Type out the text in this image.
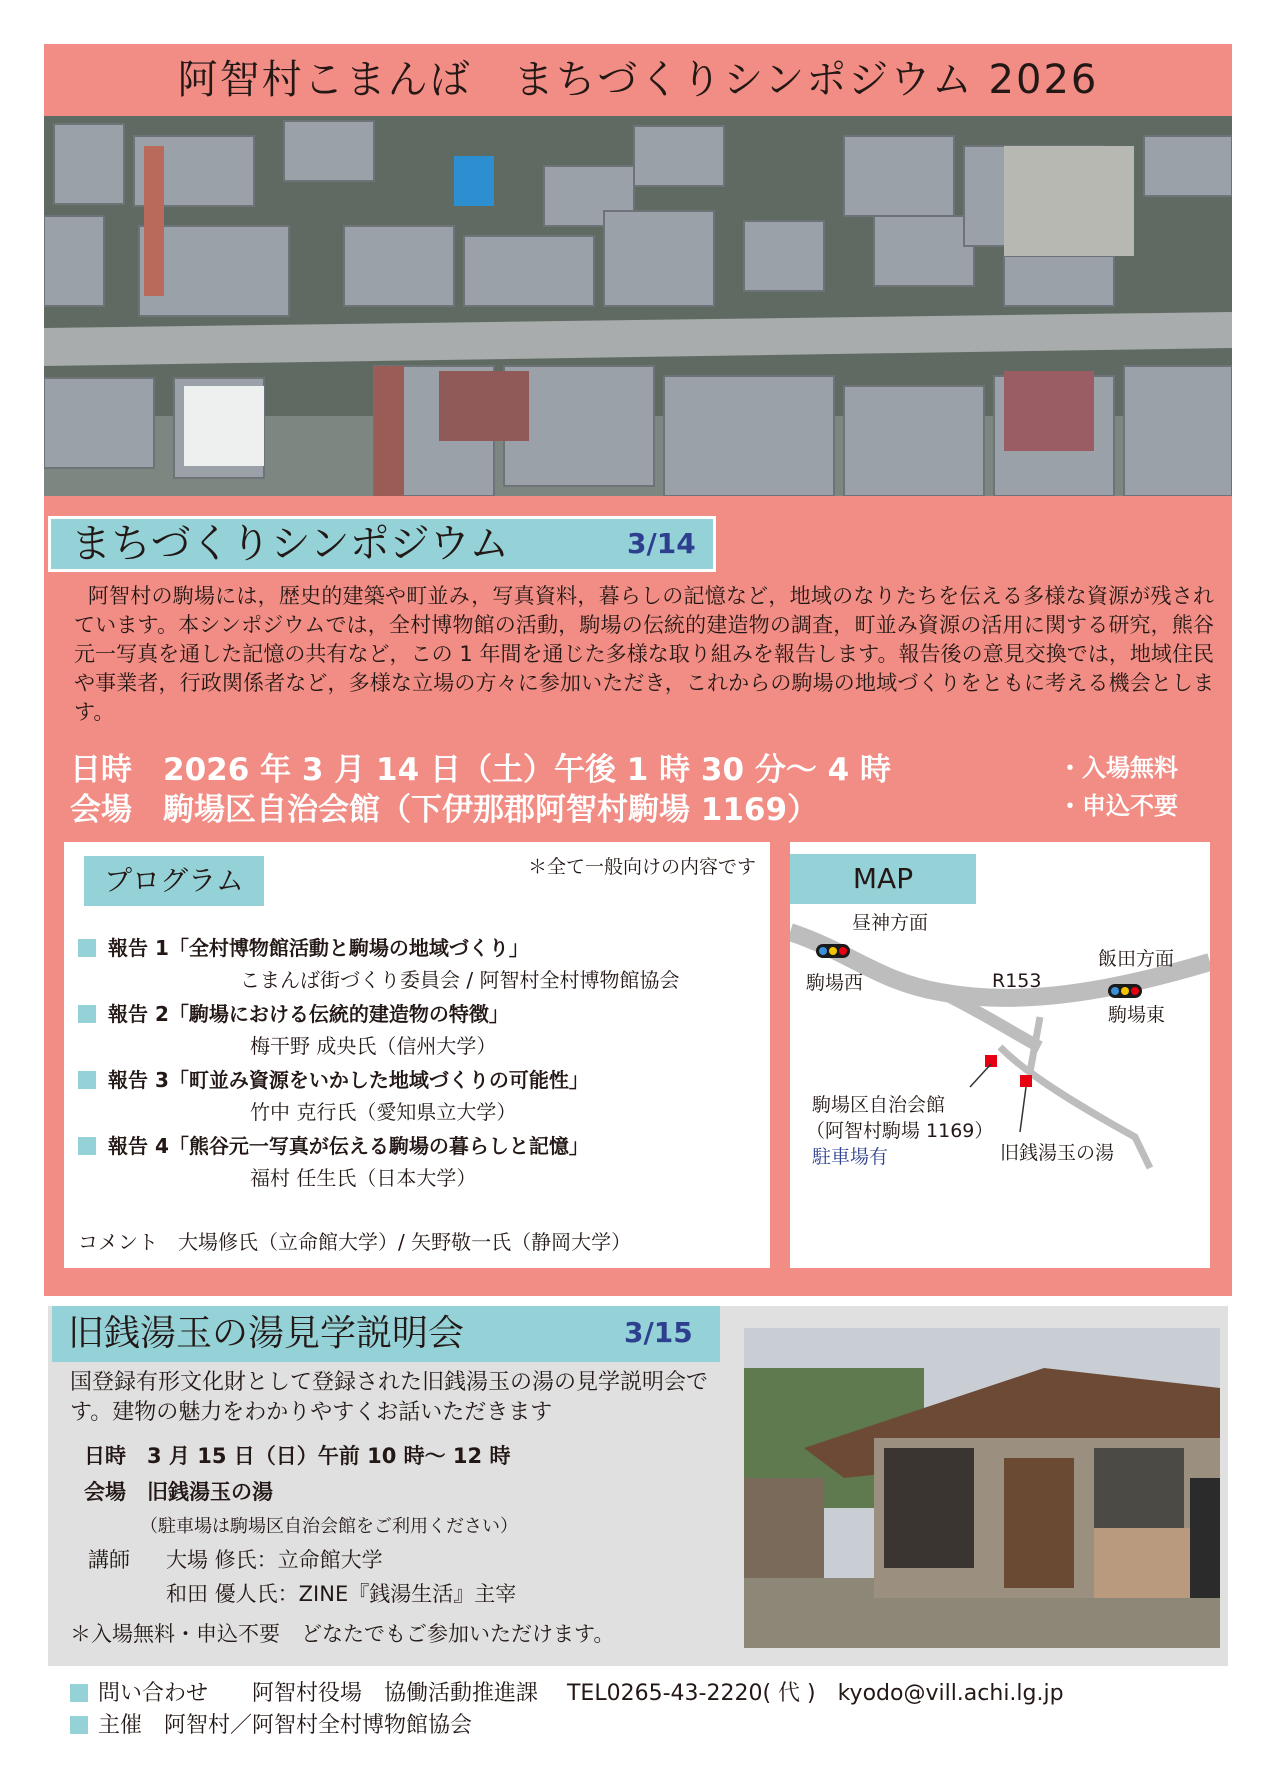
阿智村こまんば　まちづくりシンポジウム 2026
まちづくりシンポジウム	3/14
阿智村の駒場には，歴史的建築や町並み，写真資料，暮らしの記憶など，地域のなりたちを伝える多様な資源が残されています。本シンポジウムでは，全村博物館の活動，駒場の伝統的建造物の調査，町並み資源の活用に関する研究，熊谷元一写真を通した記憶の共有など，この 1 年間を通じた多様な取り組みを報告します。報告後の意見交換では，地域住民や事業者，行政関係者など，多様な立場の方々に参加いただき，これからの駒場の地域づくりをともに考える機会とします。
日時　2026 年 3 月 14 日（土）午後 1 時 30 分～ 4 時
会場　駒場区自治会館（下伊那郡阿智村駒場 1169）
・入場無料
・申込不要
プログラム	＊全て一般向けの内容です
報告 1「全村博物館活動と駒場の地域づくり」
こまんば街づくり委員会 / 阿智村全村博物館協会
報告 2「駒場における伝統的建造物の特徴」
梅干野 成央氏（信州大学）
報告 3「町並み資源をいかした地域づくりの可能性」
竹中 克行氏（愛知県立大学）
報告 4「熊谷元一写真が伝える駒場の暮らしと記憶」
福村 任生氏（日本大学）
コメント　大場修氏（立命館大学）/ 矢野敬一氏（静岡大学）
MAP
昼神方面
飯田方面
R153
駒場西
駒場東
駒場区自治会館
（阿智村駒場 1169）
駐車場有	旧銭湯玉の湯
旧銭湯玉の湯見学説明会	3/15
国登録有形文化財として登録された旧銭湯玉の湯の見学説明会です。建物の魅力をわかりやすくお話いただきます
日時　3 月 15 日（日）午前 10 時～ 12 時
会場　旧銭湯玉の湯
（駐車場は駒場区自治会館をご利用ください）
講師 大場 修氏：立命館大学
和田 優人氏：ZINE『銭湯生活』主宰
＊入場無料・申込不要　どなたでもご参加いただけます。
問い合わせ　　阿智村役場　協働活動推進課　 TEL0265-43-2220( 代 )　kyodo@vill.achi.lg.jp
主催　阿智村／阿智村全村博物館協会
